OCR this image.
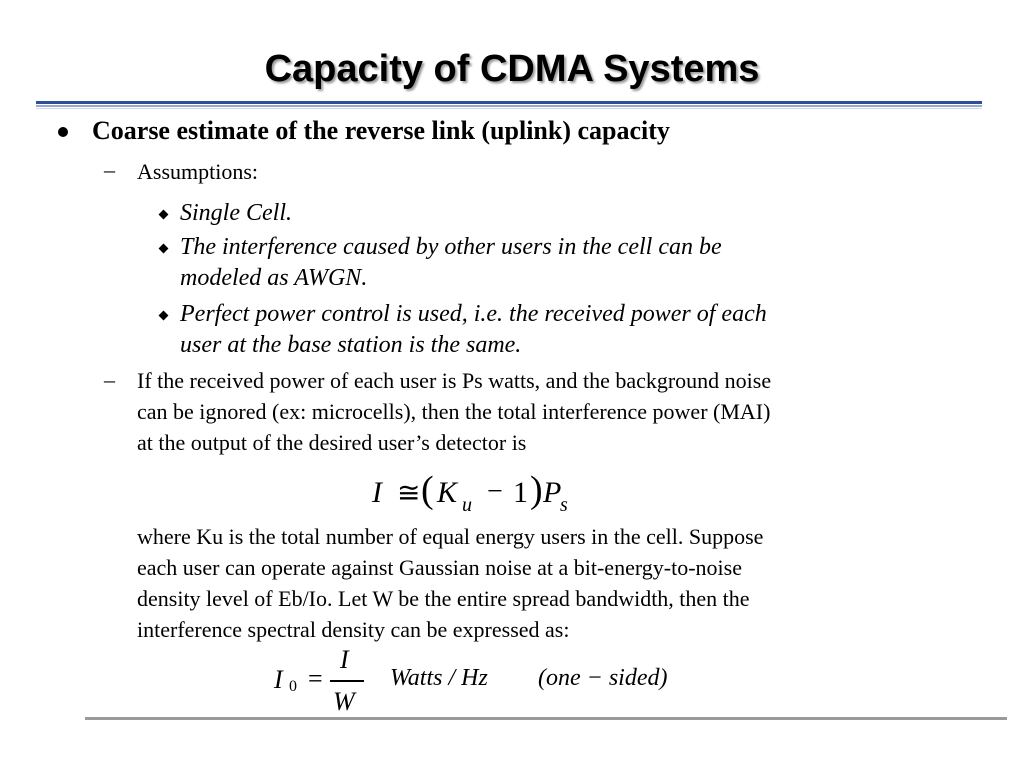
Capacity of CDMA Systems
Coarse estimate of the reverse link (uplink) capacity
– Assumptions:
Single Cell.
The interference caused by other users in the cell can be
modeled as AWGN.
Perfect power control is used, i.e. the received power of each
user at the base station is the same.
– If the received power of each user is Ps watts, and the background noise
can be ignored (ex: microcells), then the total interference power (MAI)
at the output of the desired user’s detector is
I ≅ ( K u − 1 ) P
s
where Ku is the total number of equal energy users in the cell. Suppose
each user can operate against Gaussian noise at a bit-energy-to-noise
density level of Eb/Io. Let W be the entire spread bandwidth, then the
interference spectral density can be expressed as:
I 0 =
I
W
Watts / Hz (one − sided)
